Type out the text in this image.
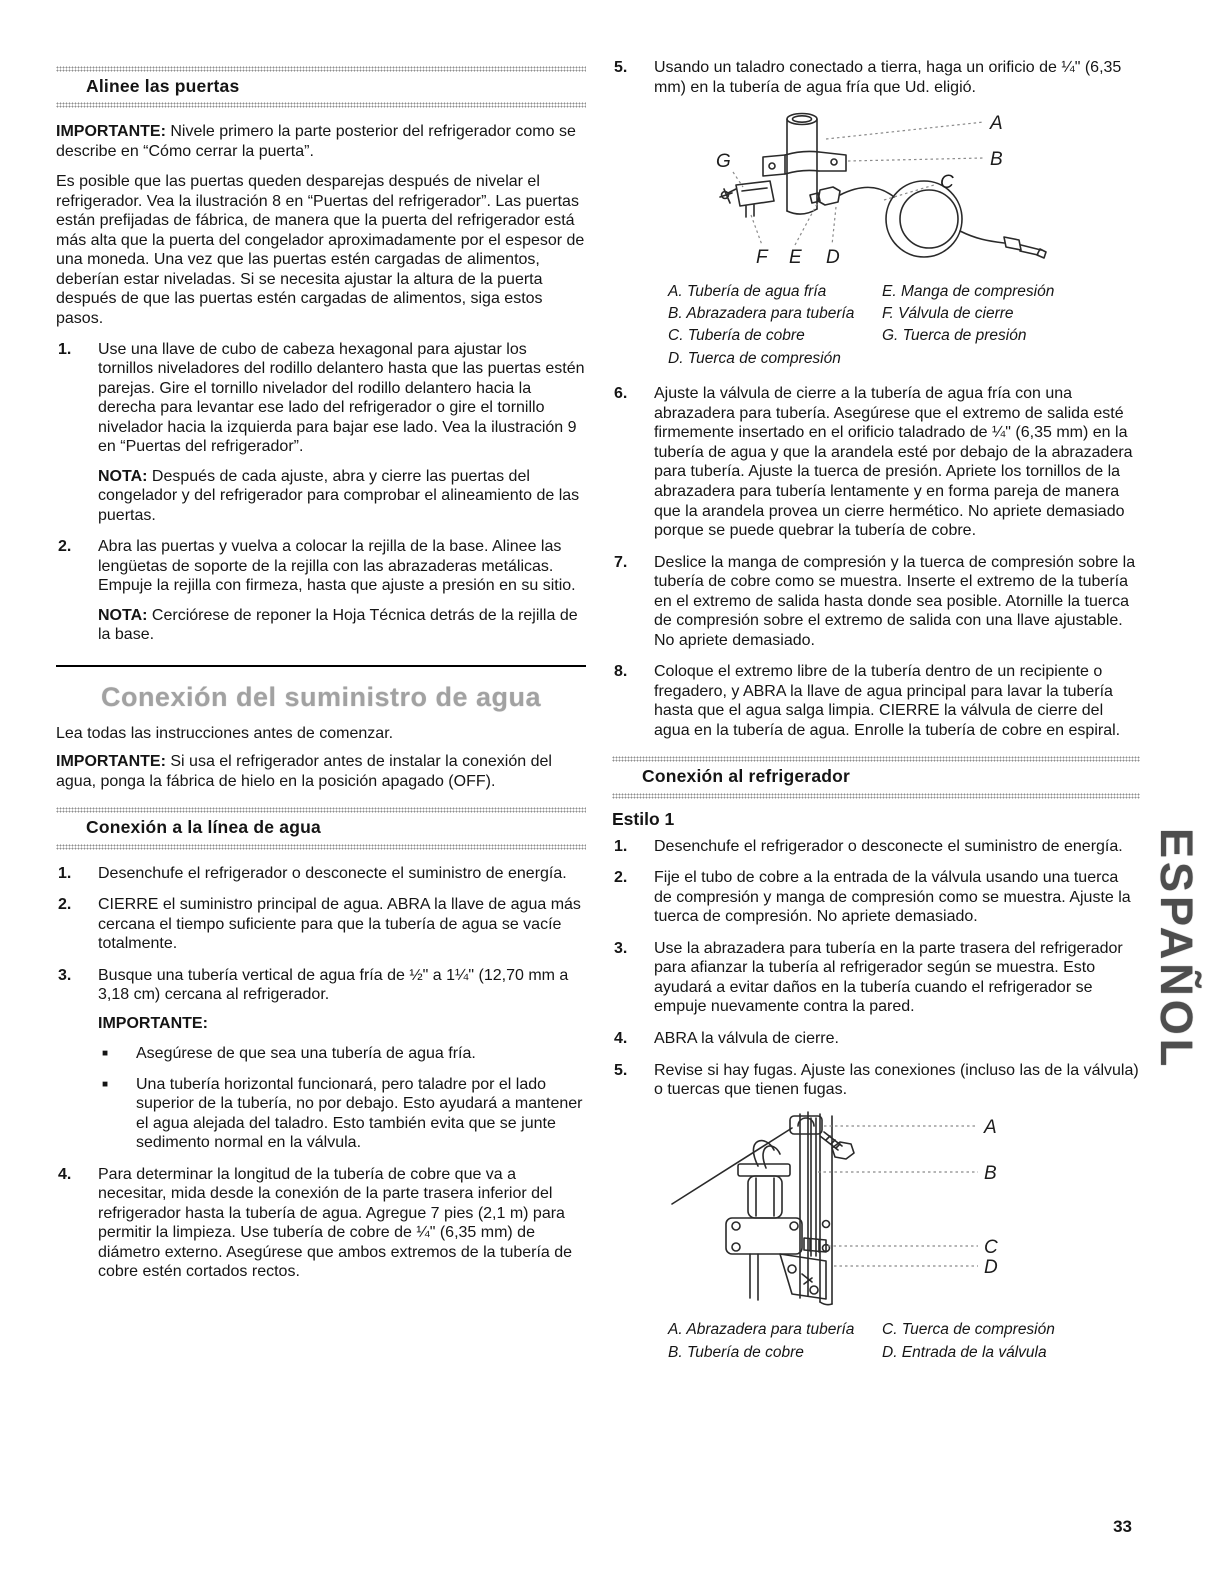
Alinee las puertas

IMPORTANTE: Nivele primero la parte posterior del refrigerador como se describe en “Cómo cerrar la puerta”.

Es posible que las puertas queden desparejas después de nivelar el refrigerador. Vea la ilustración 8 en “Puertas del refrigerador”. Las puertas están prefijadas de fábrica, de manera que la puerta del refrigerador está más alta que la puerta del congelador aproximadamente por el espesor de una moneda. Una vez que las puertas estén cargadas de alimentos, deberían estar niveladas. Si se necesita ajustar la altura de la puerta después de que las puertas estén cargadas de alimentos, siga estos pasos.

1.	Use una llave de cubo de cabeza hexagonal para ajustar los tornillos niveladores del rodillo delantero hasta que las puertas estén parejas. Gire el tornillo nivelador del rodillo delantero hacia la derecha para levantar ese lado del refrigerador o gire el tornillo nivelador hacia la izquierda para bajar ese lado. Vea la ilustración 9 en “Puertas del refrigerador”.

NOTA: Después de cada ajuste, abra y cierre las puertas del congelador y del refrigerador para comprobar el alineamiento de las puertas.

2.	Abra las puertas y vuelva a colocar la rejilla de la base. Alinee las lengüetas de soporte de la rejilla con las abrazaderas metálicas. Empuje la rejilla con firmeza, hasta que ajuste a presión en su sitio.

NOTA: Cerciórese de reponer la Hoja Técnica detrás de la rejilla de la base.

Conexión del suministro de agua

Lea todas las instrucciones antes de comenzar.

IMPORTANTE: Si usa el refrigerador antes de instalar la conexión del agua, ponga la fábrica de hielo en la posición apagado (OFF).

Conexión a la línea de agua
1.	Desenchufe el refrigerador o desconecte el suministro de energía.
2.	CIERRE el suministro principal de agua. ABRA la llave de agua más cercana el tiempo suficiente para que la tubería de agua se vacíe totalmente.
3.	Busque una tubería vertical de agua fría de ½" a 1¼" (12,70 mm a 3,18 cm) cercana al refrigerador.

IMPORTANTE:

■	Asegúrese de que sea una tubería de agua fría.
■	Una tubería horizontal funcionará, pero taladre por el lado superior de la tubería, no por debajo. Esto ayudará a mantener el agua alejada del taladro. Esto también evita que se junte sedimento normal en la válvula.
4.	Para determinar la longitud de la tubería de cobre que va a necesitar, mida desde la conexión de la parte trasera inferior del refrigerador hasta la tubería de agua. Agregue 7 pies (2,1 m) para permitir la limpieza. Use tubería de cobre de ¼" (6,35 mm) de diámetro externo. Asegúrese que ambos extremos de la tubería de cobre estén cortados rectos.
5.	Usando un taladro conectado a tierra, haga un orificio de ¼" (6,35 mm) en la tubería de agua fría que Ud. eligió.
A
B
C
G
F E D
A. Tubería de agua fría
B. Abrazadera para tubería
C. Tubería de cobre
D. Tuerca de compresión
E. Manga de compresión
F. Válvula de cierre
G. Tuerca de presión
6.	Ajuste la válvula de cierre a la tubería de agua fría con una abrazadera para tubería. Asegúrese que el extremo de salida esté firmemente insertado en el orificio taladrado de ¼" (6,35 mm) en la tubería de agua y que la arandela esté por debajo de la abrazadera para tubería. Ajuste la tuerca de presión. Apriete los tornillos de la abrazadera para tubería lentamente y en forma pareja de manera que la arandela provea un cierre hermético. No apriete demasiado porque se puede quebrar la tubería de cobre.
7.	Deslice la manga de compresión y la tuerca de compresión sobre la tubería de cobre como se muestra. Inserte el extremo de la tubería en el extremo de salida hasta donde sea posible. Atornille la tuerca de compresión sobre el extremo de salida con una llave ajustable. No apriete demasiado.
8.	Coloque el extremo libre de la tubería dentro de un recipiente o fregadero, y ABRA la llave de agua principal para lavar la tubería hasta que el agua salga limpia. CIERRE la válvula de cierre del agua en la tubería de agua. Enrolle la tubería de cobre en espiral.
Conexión al refrigerador
Estilo 1
1.	Desenchufe el refrigerador o desconecte el suministro de energía.
2.	Fije el tubo de cobre a la entrada de la válvula usando una tuerca de compresión y manga de compresión como se muestra. Ajuste la tuerca de compresión. No apriete demasiado.
3.	Use la abrazadera para tubería en la parte trasera del refrigerador para afianzar la tubería al refrigerador según se muestra. Esto ayudará a evitar daños en la tubería cuando el refrigerador se empuje nuevamente contra la pared.
4.	ABRA la válvula de cierre.
5.	Revise si hay fugas. Ajuste las conexiones (incluso las de la válvula) o tuercas que tienen fugas.
A
B
C
D
A. Abrazadera para tubería
B. Tubería de cobre
C. Tuerca de compresión
D. Entrada de la válvula
ESPAÑOL
33
